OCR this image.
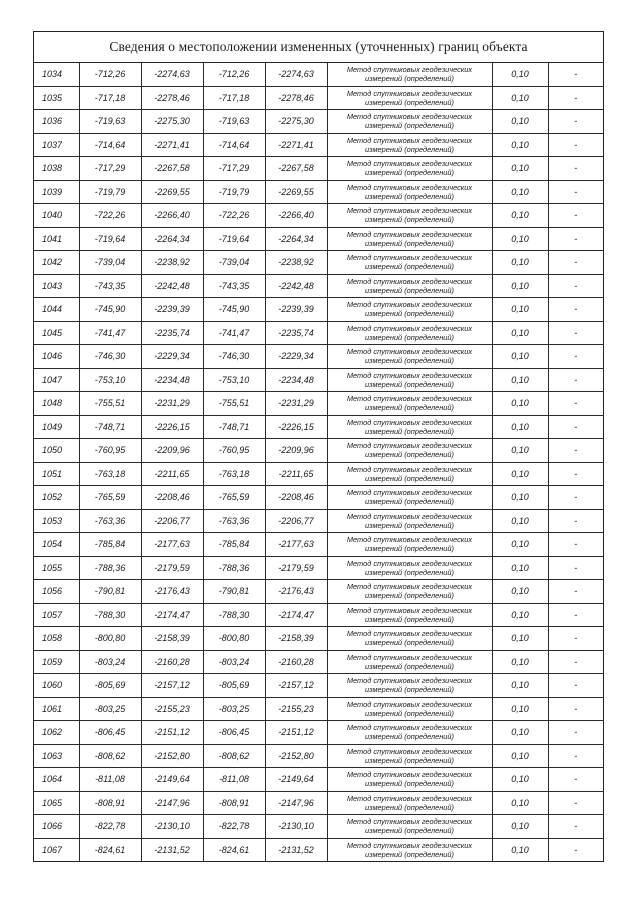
Сведения о местоположении измененных (уточненных) границ объекта
1034	-712,26	-2274,63	-712,26	-2274,63	Метод спутниковых геодезических
измерений (определений)	0,10	-
1035	-717,18	-2278,46	-717,18	-2278,46	Метод спутниковых геодезических
измерений (определений)	0,10	-
1036	-719,63	-2275,30	-719,63	-2275,30	Метод спутниковых геодезических
измерений (определений)	0,10	-
1037	-714,64	-2271,41	-714,64	-2271,41	Метод спутниковых геодезических
измерений (определений)	0,10	-
1038	-717,29	-2267,58	-717,29	-2267,58	Метод спутниковых геодезических
измерений (определений)	0,10	-
1039	-719,79	-2269,55	-719,79	-2269,55	Метод спутниковых геодезических
измерений (определений)	0,10	-
1040	-722,26	-2266,40	-722,26	-2266,40	Метод спутниковых геодезических
измерений (определений)	0,10	-
1041	-719,64	-2264,34	-719,64	-2264,34	Метод спутниковых геодезических
измерений (определений)	0,10	-
1042	-739,04	-2238,92	-739,04	-2238,92	Метод спутниковых геодезических
измерений (определений)	0,10	-
1043	-743,35	-2242,48	-743,35	-2242,48	Метод спутниковых геодезических
измерений (определений)	0,10	-
1044	-745,90	-2239,39	-745,90	-2239,39	Метод спутниковых геодезических
измерений (определений)	0,10	-
1045	-741,47	-2235,74	-741,47	-2235,74	Метод спутниковых геодезических
измерений (определений)	0,10	-
1046	-746,30	-2229,34	-746,30	-2229,34	Метод спутниковых геодезических
измерений (определений)	0,10	-
1047	-753,10	-2234,48	-753,10	-2234,48	Метод спутниковых геодезических
измерений (определений)	0,10	-
1048	-755,51	-2231,29	-755,51	-2231,29	Метод спутниковых геодезических
измерений (определений)	0,10	-
1049	-748,71	-2226,15	-748,71	-2226,15	Метод спутниковых геодезических
измерений (определений)	0,10	-
1050	-760,95	-2209,96	-760,95	-2209,96	Метод спутниковых геодезических
измерений (определений)	0,10	-
1051	-763,18	-2211,65	-763,18	-2211,65	Метод спутниковых геодезических
измерений (определений)	0,10	-
1052	-765,59	-2208,46	-765,59	-2208,46	Метод спутниковых геодезических
измерений (определений)	0,10	-
1053	-763,36	-2206,77	-763,36	-2206,77	Метод спутниковых геодезических
измерений (определений)	0,10	-
1054	-785,84	-2177,63	-785,84	-2177,63	Метод спутниковых геодезических
измерений (определений)	0,10	-
1055	-788,36	-2179,59	-788,36	-2179,59	Метод спутниковых геодезических
измерений (определений)	0,10	-
1056	-790,81	-2176,43	-790,81	-2176,43	Метод спутниковых геодезических
измерений (определений)	0,10	-
1057	-788,30	-2174,47	-788,30	-2174,47	Метод спутниковых геодезических
измерений (определений)	0,10	-
1058	-800,80	-2158,39	-800,80	-2158,39	Метод спутниковых геодезических
измерений (определений)	0,10	-
1059	-803,24	-2160,28	-803,24	-2160,28	Метод спутниковых геодезических
измерений (определений)	0,10	-
1060	-805,69	-2157,12	-805,69	-2157,12	Метод спутниковых геодезических
измерений (определений)	0,10	-
1061	-803,25	-2155,23	-803,25	-2155,23	Метод спутниковых геодезических
измерений (определений)	0,10	-
1062	-806,45	-2151,12	-806,45	-2151,12	Метод спутниковых геодезических
измерений (определений)	0,10	-
1063	-808,62	-2152,80	-808,62	-2152,80	Метод спутниковых геодезических
измерений (определений)	0,10	-
1064	-811,08	-2149,64	-811,08	-2149,64	Метод спутниковых геодезических
измерений (определений)	0,10	-
1065	-808,91	-2147,96	-808,91	-2147,96	Метод спутниковых геодезических
измерений (определений)	0,10	-
1066	-822,78	-2130,10	-822,78	-2130,10	Метод спутниковых геодезических
измерений (определений)	0,10	-
1067	-824,61	-2131,52	-824,61	-2131,52	Метод спутниковых геодезических
измерений (определений)	0,10	-
